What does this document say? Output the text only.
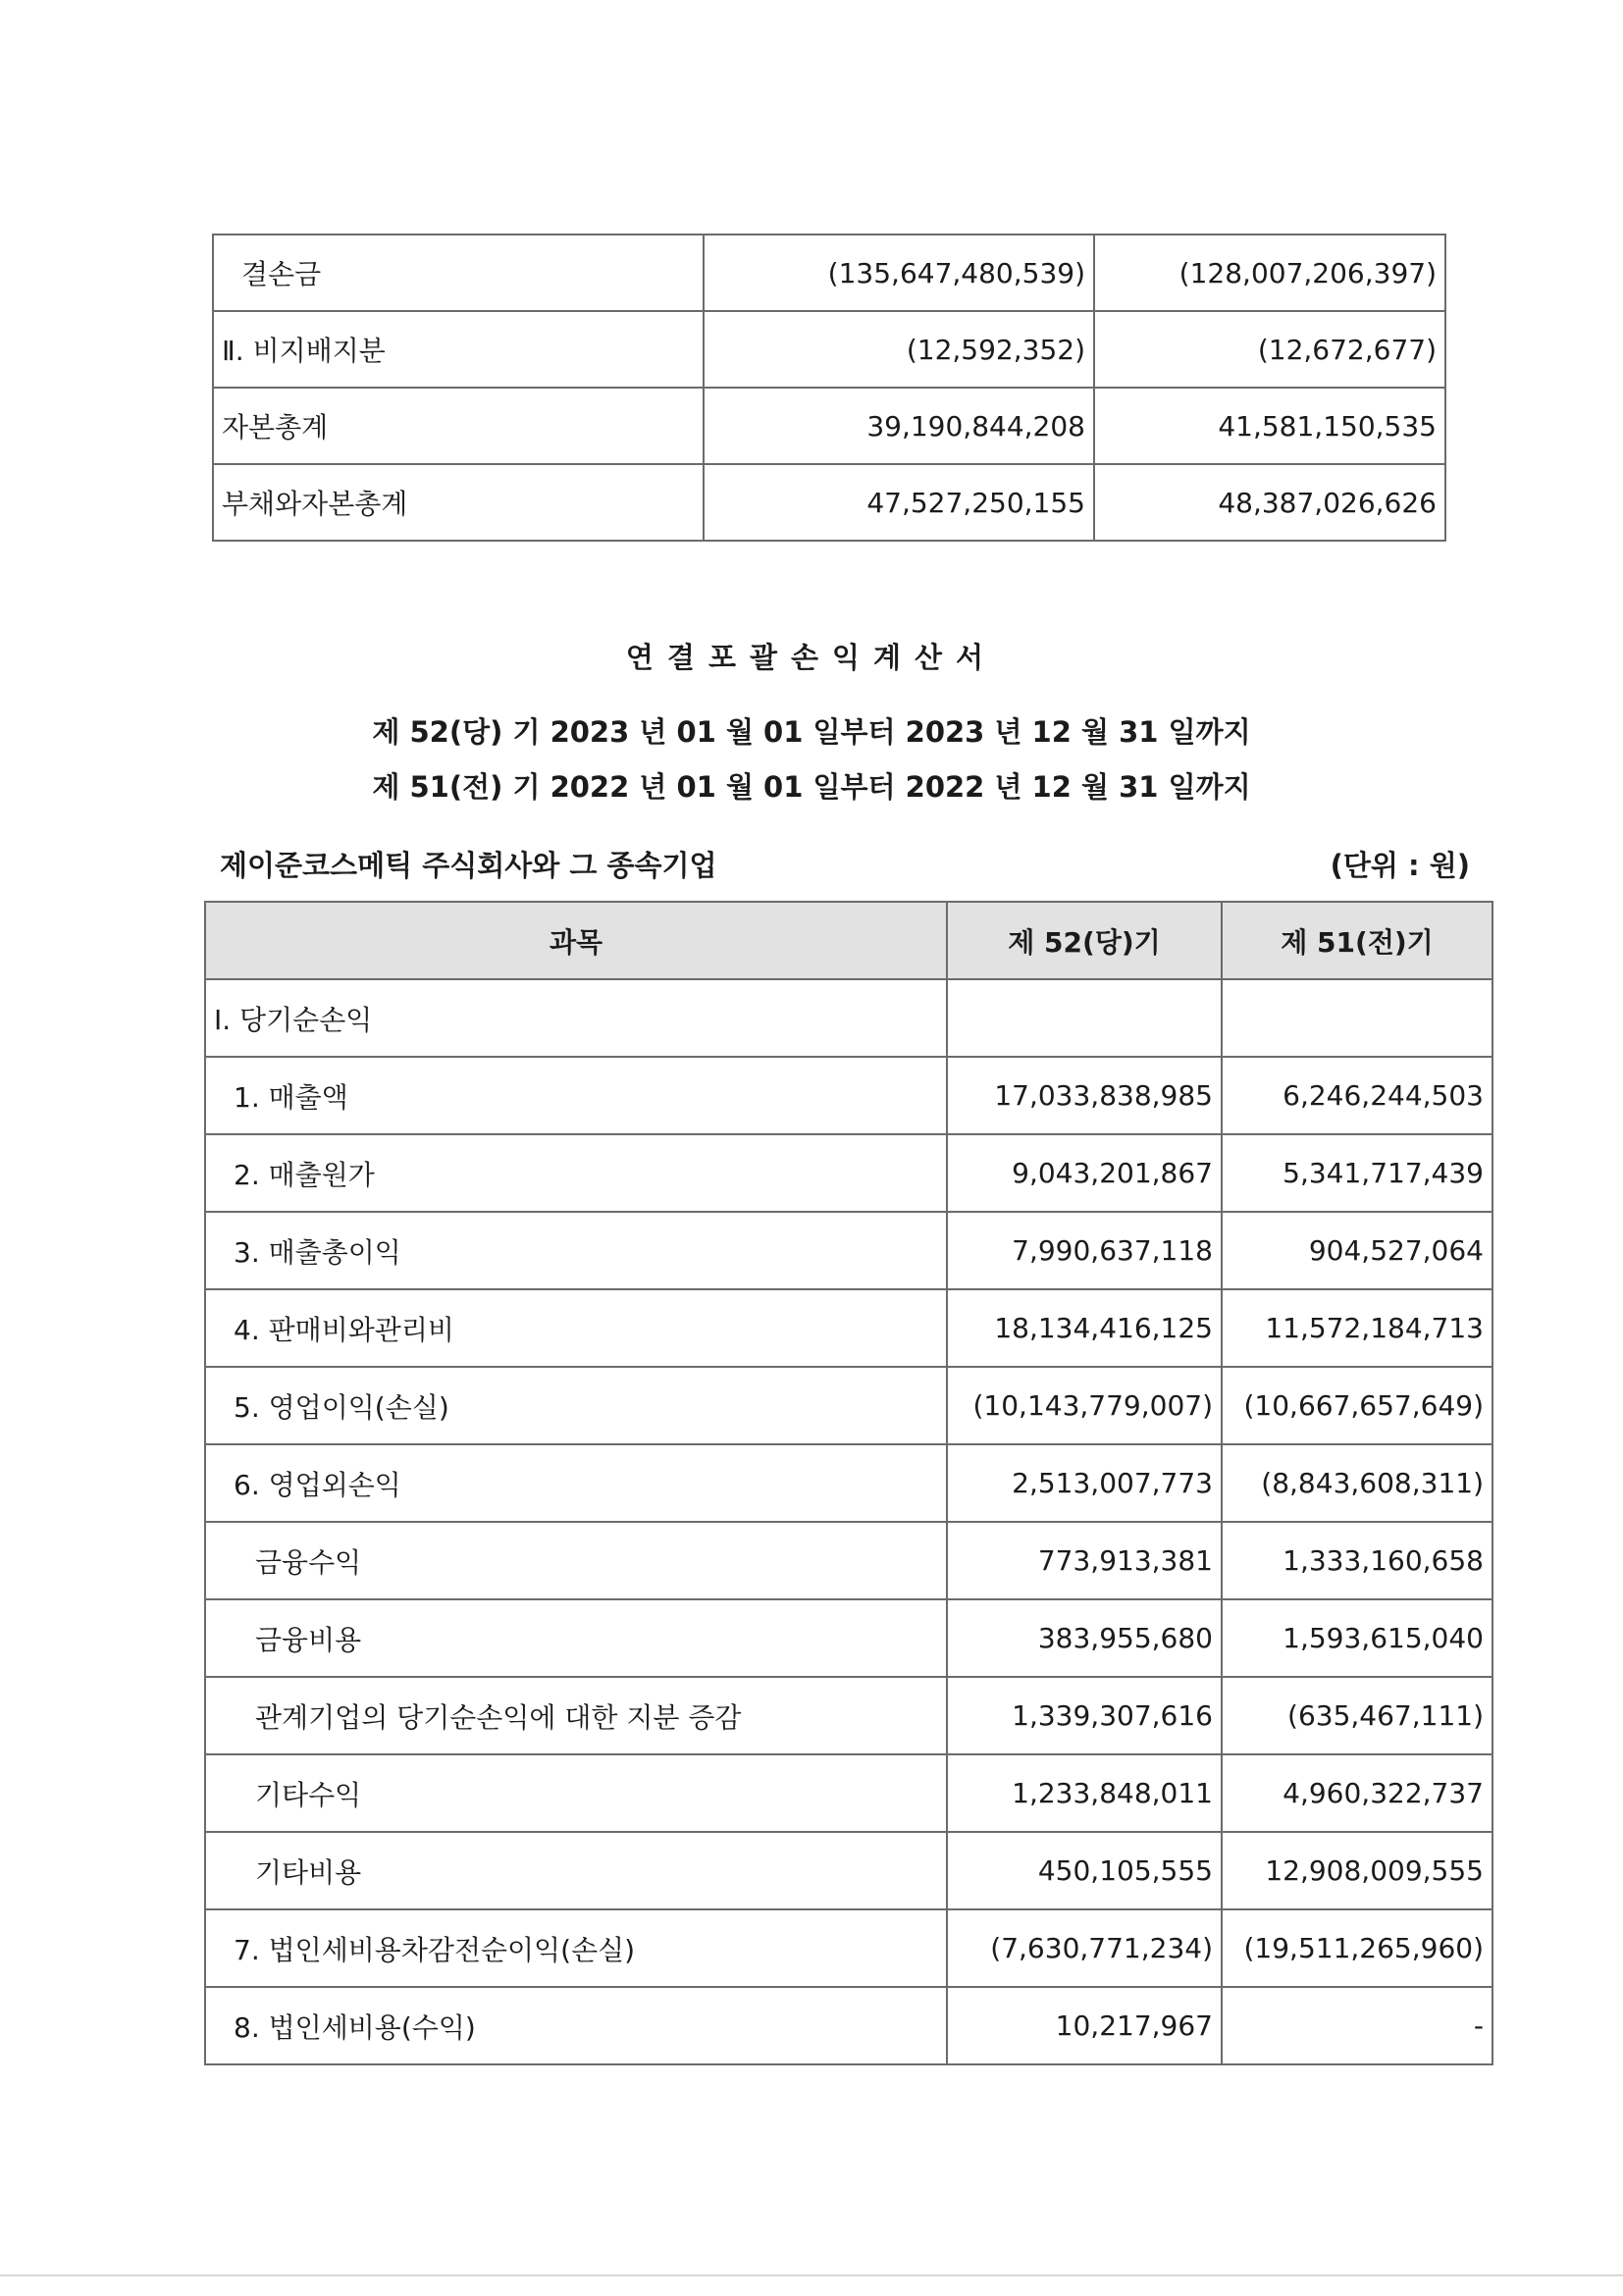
결손금	(135,647,480,539)	(128,007,206,397)
Ⅱ. 비지배지분	(12,592,352)	(12,672,677)
자본총계	39,190,844,208	41,581,150,535
부채와자본총계	47,527,250,155	48,387,026,626
연결포괄손익계산서
제 52(당) 기 2023 년 01 월 01 일부터 2023 년 12 월 31 일까지
제 51(전) 기 2022 년 01 월 01 일부터 2022 년 12 월 31 일까지
제이준코스메틱 주식회사와 그 종속기업	(단위 : 원)
과목	제 52(당)기	제 51(전)기
Ⅰ. 당기순손익		
1. 매출액	17,033,838,985	6,246,244,503
2. 매출원가	9,043,201,867	5,341,717,439
3. 매출총이익	7,990,637,118	904,527,064
4. 판매비와관리비	18,134,416,125	11,572,184,713
5. 영업이익(손실)	(10,143,779,007)	(10,667,657,649)
6. 영업외손익	2,513,007,773	(8,843,608,311)
금융수익	773,913,381	1,333,160,658
금융비용	383,955,680	1,593,615,040
관계기업의 당기순손익에 대한 지분 증감	1,339,307,616	(635,467,111)
기타수익	1,233,848,011	4,960,322,737
기타비용	450,105,555	12,908,009,555
7. 법인세비용차감전순이익(손실)	(7,630,771,234)	(19,511,265,960)
8. 법인세비용(수익)	10,217,967	-
